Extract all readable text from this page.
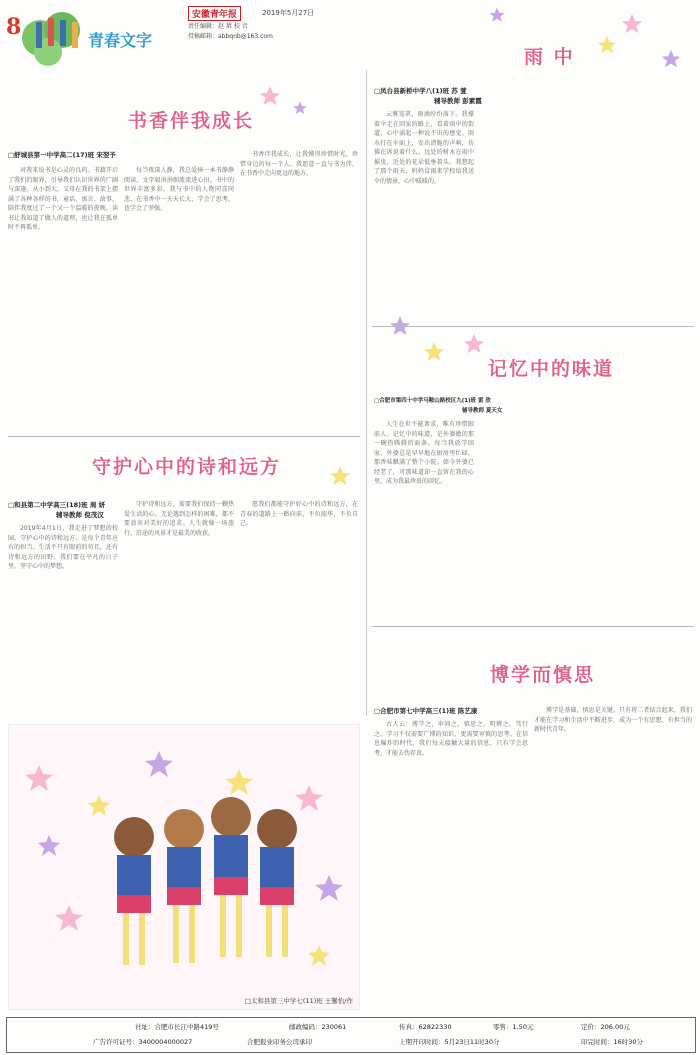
8
青春文字
安徽青年报	2019年5月27日
责任编辑：赵 珺 校 音
投稿邮箱：abbqnb@163.com
书香伴我成长
□舒城县第一中学高二(17)班 宋翌予

对我来说书是心灵的良药。书籍开启了我们的眼界，引导我们认识世界的广阔与深邃。从小到大，父母在我的书架上摆满了各种各样的书，童话、寓言、故事，陪伴我度过了一个又一个温暖的夜晚。读书让我知道了做人的道理，也让我在孤单时不再孤单。

每当夜深人静，我总爱捧一本书静静阅读，文字如涓涓细流流进心田。书中的世界丰富多彩，我与书中的人物同喜同悲，在书香中一天天长大，学会了思考，也学会了坚强。

书香伴我成长，让我懂得珍惜时光，珍惜身边的每一个人。我愿意一直与书为伴，在书香中走向更远的地方。

雨 中
□凤台县新桥中学八(1)班 苏 萱
辅导教师 彭素霞

云雾笼罩，雨滴纷纷落下。我撑着伞走在回家的路上，看着雨中的街道，心中涌起一种说不出的感觉。雨水打在伞面上，发出清脆的声响，仿佛在诉说着什么。远处的树木在雨中摇曳，近处的花朵低垂着头。我想起了那个雨天，妈妈冒雨来学校给我送伞的情景，心中暖暖的。

记忆中的味道
□合肥市第四十中学马鞍山路校区九(1)班 雷 欣
辅导教师 夏天女

人生在世不能奢求，唯有珍惜眼前人。记忆中的味道，是外婆做的那一碗热腾腾的面条。每当我放学回家，外婆总是早早地在厨房里忙碌，那香味飘满了整个小院。如今外婆已经老了，可那味道却一直留在我的心里，成为我最珍贵的回忆。

守护心中的诗和远方
□和县第二中学高三(18)班 周 妍
辅导教师 倪茂汉

2019年4月1日，我走进了梦想的校园。守护心中的诗和远方，是每个青年应有的担当。生活不只有眼前的苟且，还有诗和远方的田野。我们要在平凡的日子里，坚守心中的梦想。

守护诗和远方，需要我们保持一颗热爱生活的心。无论遇到怎样的困难，都不要放弃对美好的追求。人生就像一场旅行，沿途的风景才是最美的收获。

愿我们都能守护好心中的诗和远方，在青春的道路上一路向前，不负韶华，不负自己。

博学而慎思
□合肥市第七中学高三(1)班 陈艺康

古人云：博学之，审问之，慎思之，明辨之，笃行之。学习不仅需要广博的知识，更需要审慎的思考。在信息爆炸的时代，我们每天接触大量的信息，只有学会思考，才能去伪存真。

博学是基础，慎思是关键。只有将二者结合起来，我们才能在学习和生活中不断进步，成为一个有思想、有担当的新时代青年。

□太和县第三中学七(11)班 王馨怡/作
社址：合肥市长江中路419号	邮政编码：230061	传真：62822330	零售：1.50元	定价：206.00元
广告许可证号：3400004000027	合肥报业印务公司承印	上期开印时间：5月23日11时30分	印完时间：16时30分
